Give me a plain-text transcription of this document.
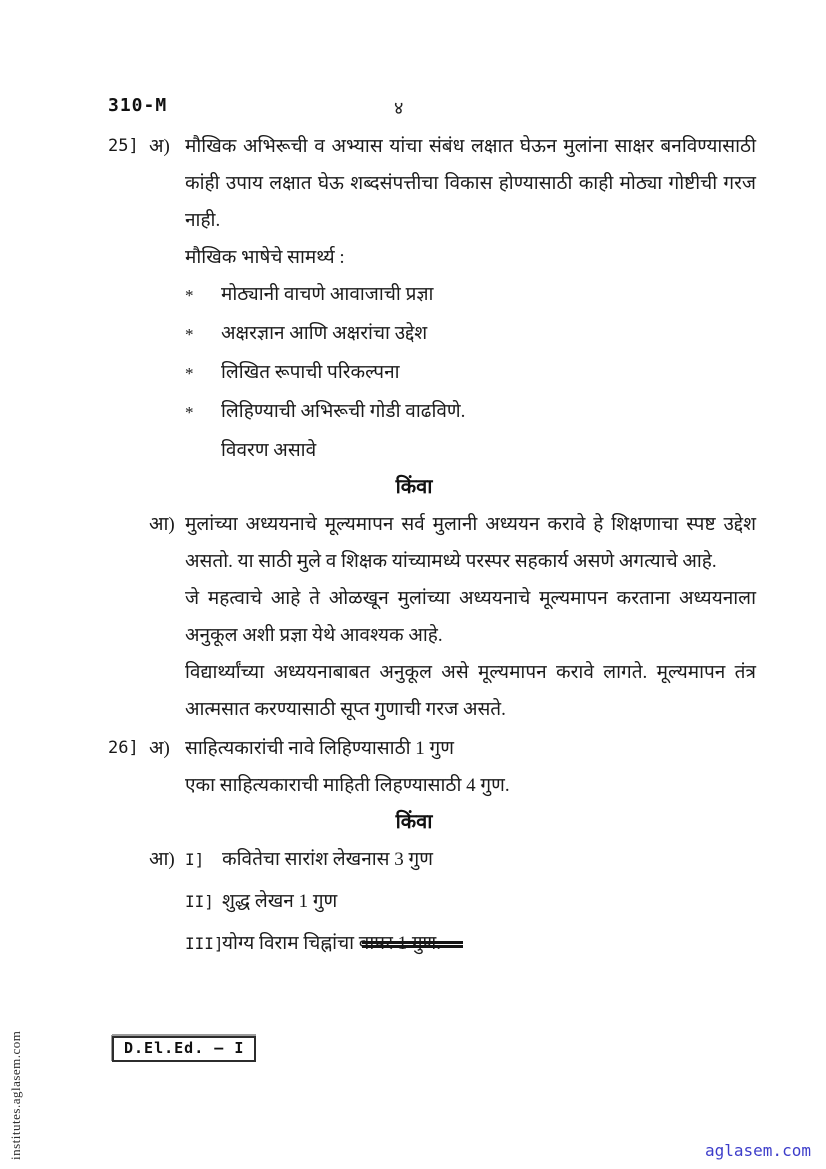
310-M	४
25] अ) मौखिक अभिरूची व अभ्यास यांचा संबंध लक्षात घेऊन मुलांना साक्षर बनविण्यासाठी कांही उपाय लक्षात घेऊ शब्दसंपत्तीचा विकास होण्यासाठी काही मोठ्या गोष्टीची गरज नाही.

मौखिक भाषेचे सामर्थ्य :

*	मोठ्यानी वाचणे आवाजाची प्रज्ञा
*	अक्षरज्ञान आणि अक्षरांचा उद्देश
*	लिखित रूपाची परिकल्पना
*	लिहिण्याची अभिरूची गोडी वाढविणे.
विवरण असावे
किंवा
आ) मुलांच्या अध्ययनाचे मूल्यमापन सर्व मुलानी अध्ययन करावे हे शिक्षणाचा स्पष्ट उद्देश असतो. या साठी मुले व शिक्षक यांच्यामध्ये परस्पर सहकार्य असणे अगत्याचे आहे.

जे महत्वाचे आहे ते ओळखून मुलांच्या अध्ययनाचे मूल्यमापन करताना अध्ययनाला अनुकूल अशी प्रज्ञा येथे आवश्यक आहे.

विद्यार्थ्यांच्या अध्ययनाबाबत अनुकूल असे मूल्यमापन करावे लागते. मूल्यमापन तंत्र आत्मसात करण्यासाठी सूप्त गुणाची गरज असते.

26] अ) साहित्यकारांची नावे लिहिण्यासाठी 1 गुण

एका साहित्यकाराची माहिती लिहण्यासाठी 4 गुण.

किंवा
आ) I] कवितेचा सारांश लेखनास 3 गुण
II] शुद्ध लेखन 1 गुण
III]
योग्य विराम चिह्नांचा वापर 1 गुण.
D.El.Ed. – I
institutes.aglasem.com	aglasem.com
